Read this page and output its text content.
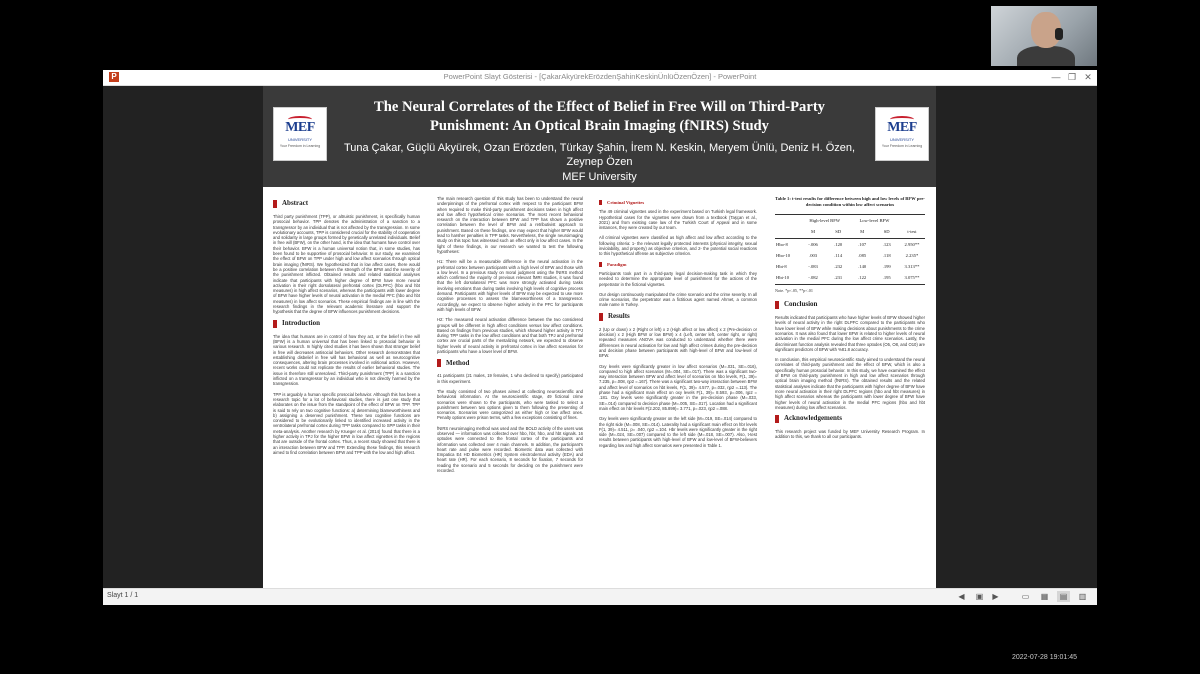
P	PowerPoint Slayt Gösterisi - [ÇakarAkyürekErözdenŞahinKeskinÜnlüÖzenÖzen] - PowerPoint	— ❐ ✕
MEF
UNIVERSITY
Your Freedom in Learning
MEF
UNIVERSITY
Your Freedom in Learning
The Neural Correlates of the Effect of Belief in Free Will on Third-Party Punishment: An Optical Brain Imaging (fNIRS) Study
Tuna Çakar, Güçlü Akyürek, Ozan Erözden, Türkay Şahin, İrem N. Keskin, Meryem Ünlü, Deniz H. Özen, Zeynep Özen
MEF University
Abstract

Third party punishment (TPP), or altruistic punishment, is specifically human prosocial behavior. TPP denotes the administration of a sanction to a transgressor by an individual that is not affected by the transgression. In some evolutionary accounts, TPP is considered crucial for the stability of cooperation and solidarity in large groups formed by genetically unrelated individuals. Belief in free will (BFW), on the other hand, is the idea that humans have control over their behavior. BFW is a human universal notion that, in some studies, has been found to be supportive of prosocial behavior. In our study, we examined the effect of BFW on TPP under high and low affect scenarios through optical brain imaging (fNIRS). We hypothesized that in low affect cases, there would be a positive correlation between the strength of the BFW and the severity of the punishment inflicted. Obtained results and related statistical analyses indicate that participants with higher degree of BFW have more neural activation in their right dorsolateral prefrontal cortex (DLPFC) (hbo and hbt measures) in high affect scenarios, whereas the participants with lower degree of BFW have higher levels of neural activation in the medial PFC (hbo and hbt measures) in low affect scenarios. These empirical findings are in line with the research findings in the relevant academic literature and support the hypothesis that the degree of BFW influences punishment decisions.

Introduction

The idea that humans are in control of how they act, or the belief in free will (BFW) is a human universal that has been linked to prosocial behavior in various research. In highly cited studies it has been shown that stronger belief in free will decreases antisocial behaviors. Other research demonstrates that establishing disbelief in free will has behavioral as well as neurocognitive consequences, altering brain processes involved in volitional action. However, recent works could not replicate the results of earlier behavioral studies. The issue is therefore still unresolved. Third-party punishment (TPP) is a sanction inflicted on a transgressor by an individual who is not directly harmed by the transgression.

TPP is arguably a human specific prosocial behavior. Although this has been a research topic for a lot of behavioral studies, there is just one study that elaborates on the issue from the standpoint of the effect of BFW on TPP. TPP is said to rely on two cognitive functions: a) determining blameworthiness and b) assigning a deserved punishment. These two cognitive functions are considered to be evolutionarily linked to identified increased activity in the ventrolateral prefrontal cortex during TPP tasks compared to SPP tasks in their meta-analysis. Another research by Krueger et al. (2014) found that there is a higher activity in TPJ for the higher BFW in low affect vignettes in the regions that are outside of the frontal cortex. Thus, a recent study showed that there is an interaction between BFW and TPP. Extending these findings, this research aimed to find correlation between BFW and TPP with the low and high affect.

The main research question of this study has been to understand the neural underpinnings of the prefrontal cortex with respect to the participant BFW when required to make third-party punishment decisions taken in high affect and low affect hypothetical crime scenarios. The most recent behavioral research on the interaction between BFW and TPP has shown a positive correlation between the level of BFW and a retributivist approach to punishment. Based on these findings, one may expect that higher BFW would lead to harsher penalties in TPP tasks. Nevertheless, the single neuroimaging study on this topic has witnessed such an effect only in low affect cases. In the light of these findings, in our research we wanted to test the following hypotheses:

H1: There will be a measurable difference in the neural activation in the prefrontal cortex between participants with a high level of BFW and those with a low level. In a previous study on moral judgment using the fNIRS method which confirmed the majority of previous relevant fMRI studies, it was found that the left dorsolateral PFC was more strongly activated during tasks involving emotions than during tasks involving high levels of cognitive process demand. Participants with higher levels of BFW may be expected to use more cognitive processes to assess the blameworthiness of a transgressor. Accordingly, we expect to observe higher activity in the PFC for participants with high levels of BFW.

H2: The measured neural activation difference between the two considered groups will be different in high affect conditions versus low affect conditions. Based on findings from previous studies, which showed higher activity in TPJ during TPP tasks in the low affect conditions and that both TPJ and prefrontal cortex are crucial parts of the mentalizing network, we expected to observe higher levels of neural activity in prefrontal cortex in low affect scenarios for participants who have a lower level of BFW.

Method

41 participants (21 males, 19 females, 1 who declined to specify) participated in this experiment.

The study consisted of two phases aimed at collecting neuroscientific and behavioral information. At the neuroscientific stage, 49 fictional crime scenarios were shown to the participants, who were tasked to select a punishment between two options given to them following the presenting of scenarios. Scenarios were categorized as either high or low affect ones. Penalty options were prison terms, with a few exceptions consisting of fines.

fNIRS neuroimaging method was used and the BOLD activity of the users was observed — information was collected over hbo, hbr, hbo, and hbt signals. 16 optodes were connected to the frontal cortex of the participants and information was collected over 4 main channels. In addition, the participant's heart rate and pulse were recorded. Biometric data was collected with Empatica E4 HD Biometrics (HR) System electrodermal activity (EDA) and heart rate (HR). For each scenario, 8 seconds for fixation, 7 seconds for reading the scenario and 5 seconds for deciding on the punishment were recorded.

Criminal Vignettes

The 49 criminal vignettes used in the experiment based on Turkish legal framework. Hypothetical cases for the vignettes were drawn from a textbook (Taşçan et al., 2021) and from existing case law of the Turkish Court of Appeal and in some instances, they were created by our team.

All criminal vignettes were classified as high affect and low affect according to the following criteria: 1- the relevant legally protected interests (physical integrity, sexual inviolability, and property) as objective criterion, and 2- the potential social reactions to this hypothetical offense as subjective criterion.

Paradigm

Participants took part in a third-party legal decision-making task in which they needed to determine the appropriate level of punishment for the actions of the perpetrator in the fictional vignettes.

Our design continuously manipulated the crime scenario and the crime severity. In all crime scenarios, the perpetrator was a fictitious agent named Ahmet, a common male name in Turkey.

Results

2 (Up or down) x 2 (Right or left) x 2 (High affect or low affect) x 2 (Pre-decision or decision) x 2 (High BFW or low BFW) x 4 (Left, center left, center right, or right) repeated measures ANOVA was conducted to understand whether there were differences in neural activation for low and high affect crimes during the pre-decision and decision phase between participants with high-level of BFW and low-level of BFW.

Oxy levels were significantly greater in low affect scenarios (M=.031, SE=.016), compared to high affect scenarios (M=.004, SE=.017). There was a significant two-way interaction between BFW and affect level of scenarios on hbo levels, F(1, 39)= 7.235, p=.008, ηp2 =.167). There was a significant two-way interaction between BFW and affect level of scenarios on hbt levels, F(1, 39)= 4.577, p=.032, ηp2 =.113). The phase had a significant main effect on oxy levels F(1, 39)= 8.593, p=.006, ηp2 = .181. Oxy levels were significantly greater in the pre-decision phase (M=.033, SE=.014) compared to decision phase (M=.005, SE=.017). Location had a significant main effect on hbr levels F(2.202, 85.899)= 3.771, p=.023, ηp2 =.088.

Oxy levels were significantly greater on the left side (M=.019, SE=.014) compared to the right side (M=.008, SE=.014). Laterality had a significant main effect on hbr levels F(1, 39)= 4.511, p= .040, ηp2 =.104. Hbr levels were significantly greater in the right side (M=.024, SE=.007) compared to the left side (M=.018, SE=.007). Also, t-test results between participants with high-level of BFW and low-level of BFW-believers regarding low and high affect scenarios were presented in Table 1.

Table 1: t-test results for difference between high and low levels of BFW pre-decision condition within low affect scenarios
	High-level BFW		Low-level BFW		
	M	SD	M	SD	t-test
Hbo-8	-.006	.120	.107	.123	2.950**
Hbo-10	.003	.114	.085	.118	2.235*
Hbt-8	-.083	.232	.140	.199	3.313**
Hbt-10	-.082	.231	.122	.195	3.075**
Note. *p<.05, **p<.01
Conclusion

Results indicated that participants who have higher levels of BFW showed higher levels of neural activity in the right DLPFC compared to the participants who have lower level of BFW while making decisions about punishments to the crime scenarios. It was also found that lower BFW is related to higher levels of neural activation in the medial PFC during the low affect crime scenarios. Lastly, the discriminant function analysis revealed that three optodes (O5, O8, and O10) are significant predictors of BFW with %81.8 accuracy.

In conclusion, this empirical neuroscientific study aimed to understand the neural correlates of third-party punishment and the effect of BFW, which is also a specifically human prosocial behavior. In this study, we have examined the effect of BFW on third-party punishment in high and low affect scenarios through optical brain imaging method (fNIRS). The obtained results and the related statistical analyses indicate that the participants with higher degree of BFW have more neural activation in their right DLPFC regions (hbo and hbt measures) in high affect scenarios whereas the participants with lower degree of BFW have higher levels of neural activation in the medial PFC regions (hbo and hbt measures) during low affect scenarios.

Acknowledgements

This research project was funded by MEF University Research Program. In addition to this, we thank to all our participants.

Slayt 1 / 1	◀	▣	▶	▭	▦	▤	▥
2022-07-28 19:01:45
